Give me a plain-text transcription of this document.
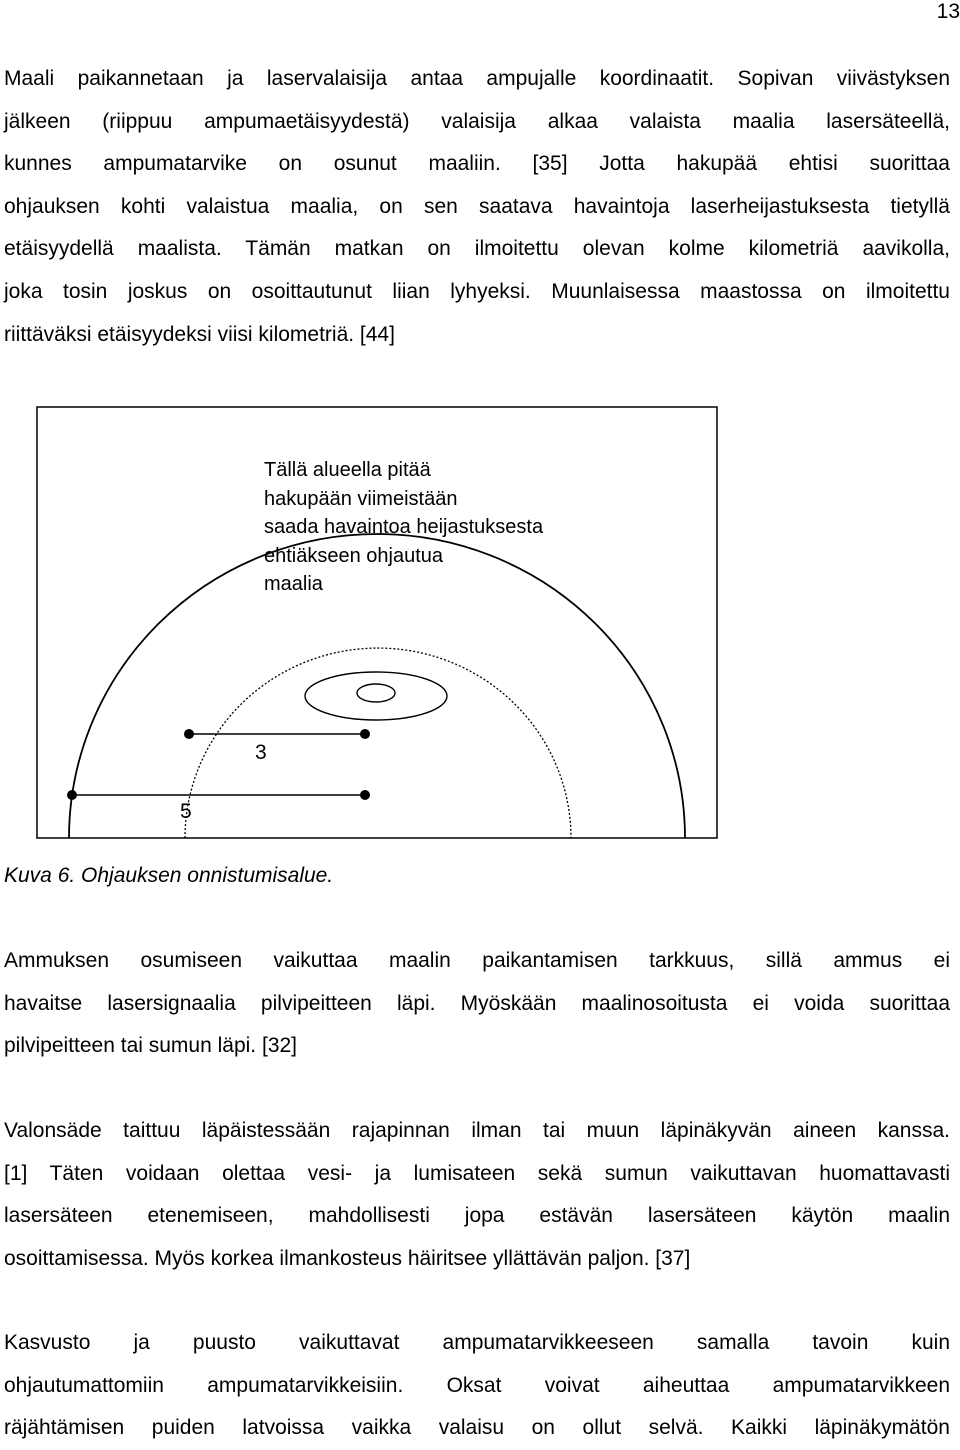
13
Maali paikannetaan ja laservalaisija antaa ampujalle koordinaatit. Sopivan viivästyksen
jälkeen (riippuu ampumaetäisyydestä) valaisija alkaa valaista maalia lasersäteellä,
kunnes ampumatarvike on osunut maaliin. [35] Jotta hakupää ehtisi suorittaa
ohjauksen kohti valaistua maalia, on sen saatava havaintoja laserheijastuksesta tietyllä
etäisyydellä maalista. Tämän matkan on ilmoitettu olevan kolme kilometriä aavikolla,
joka tosin joskus on osoittautunut liian lyhyeksi. Muunlaisessa maastossa on ilmoitettu
riittäväksi etäisyydeksi viisi kilometriä. [44]
Tällä alueella pitää
hakupään viimeistään
saada havaintoa heijastuksesta
ehtiäkseen ohjautua
maalia
3
5
Kuva 6. Ohjauksen onnistumisalue.
Ammuksen osumiseen vaikuttaa maalin paikantamisen tarkkuus, sillä ammus ei
havaitse lasersignaalia pilvipeitteen läpi. Myöskään maalinosoitusta ei voida suorittaa
pilvipeitteen tai sumun läpi. [32]
Valonsäde taittuu läpäistessään rajapinnan ilman tai muun läpinäkyvän aineen kanssa.
[1] Täten voidaan olettaa vesi- ja lumisateen sekä sumun vaikuttavan huomattavasti
lasersäteen etenemiseen, mahdollisesti jopa estävän lasersäteen käytön maalin
osoittamisessa. Myös korkea ilmankosteus häiritsee yllättävän paljon. [37]
Kasvusto ja puusto vaikuttavat ampumatarvikkeeseen samalla tavoin kuin
ohjautumattomiin ampumatarvikkeisiin. Oksat voivat aiheuttaa ampumatarvikkeen
räjähtämisen puiden latvoissa vaikka valaisu on ollut selvä. Kaikki läpinäkymätön
